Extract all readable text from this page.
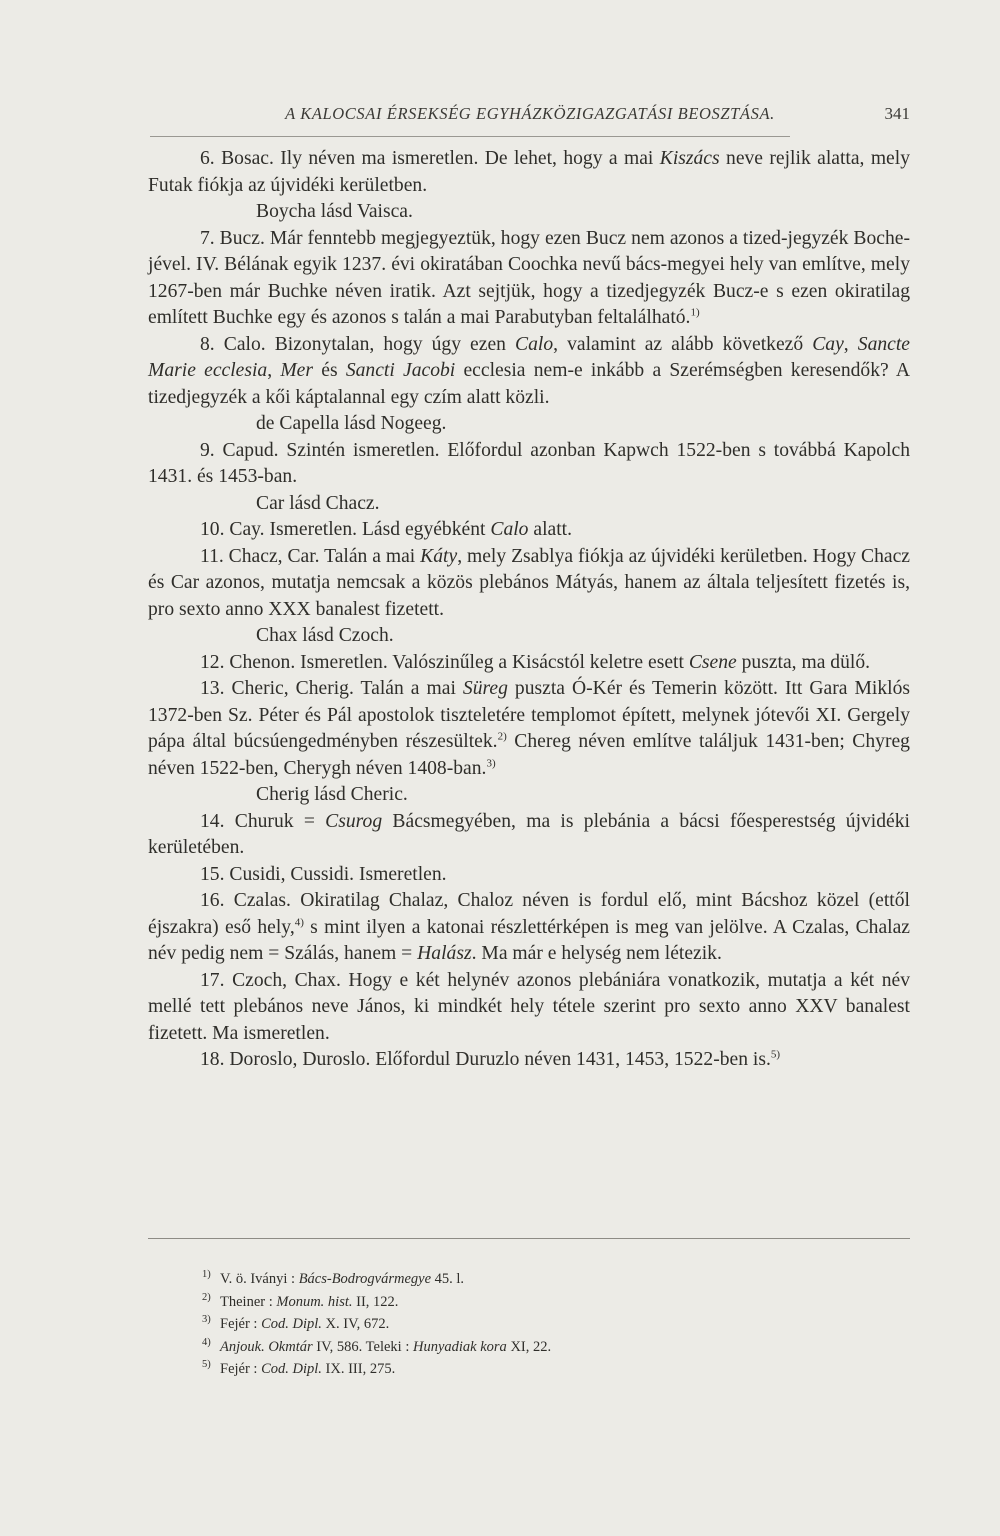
A KALOCSAI ÉRSEKSÉG EGYHÁZKÖZIGAZGATÁSI BEOSZTÁSA.	341

6. Bosac. Ily néven ma ismeretlen. De lehet, hogy a mai Kiszács neve rejlik alatta, mely Futak fiókja az újvidéki kerületben.

Boycha lásd Vaisca.

7. Bucz. Már fenntebb megjegyeztük, hogy ezen Bucz nem azonos a tized-jegyzék Boche-jével. IV. Bélának egyik 1237. évi okiratában Coochka nevű bács-megyei hely van említve, mely 1267-ben már Buchke néven iratik. Azt sejtjük, hogy a tizedjegyzék Bucz-e s ezen okiratilag említett Buchke egy és azonos s talán a mai Parabutyban feltalálható.$^{1)}$

8. Calo. Bizonytalan, hogy úgy ezen Calo, valamint az alább következő Cay, Sancte Marie ecclesia, Mer és Sancti Jacobi ecclesia nem-e inkább a Szerémségben keresendők? A tizedjegyzék a kői káptalannal egy czím alatt közli.

de Capella lásd Nogeeg.

9. Capud. Szintén ismeretlen. Előfordul azonban Kapwch 1522-ben s továbbá Kapolch 1431. és 1453-ban.

Car lásd Chacz.

10. Cay. Ismeretlen. Lásd egyébként Calo alatt.

11. Chacz, Car. Talán a mai Káty, mely Zsablya fiókja az újvidéki kerületben. Hogy Chacz és Car azonos, mutatja nemcsak a közös plebános Mátyás, hanem az általa teljesített fizetés is, pro sexto anno XXX banalest fizetett.

Chax lásd Czoch.

12. Chenon. Ismeretlen. Valószinűleg a Kisácstól keletre esett Csene puszta, ma dülő.

13. Cheric, Cherig. Talán a mai Süreg puszta Ó-Kér és Temerin között. Itt Gara Miklós 1372-ben Sz. Péter és Pál apostolok tiszteletére templomot épített, melynek jótevői XI. Gergely pápa által búcsúengedményben részesültek.$^{2)}$ Chereg néven említve találjuk 1431-ben; Chyreg néven 1522-ben, Cherygh néven 1408-ban.$^{3)}$

Cherig lásd Cheric.

14. Churuk = Csurog Bácsmegyében, ma is plebánia a bácsi főesperestség újvidéki kerületében.

15. Cusidi, Cussidi. Ismeretlen.

16. Czalas. Okiratilag Chalaz, Chaloz néven is fordul elő, mint Bácshoz közel (ettől éjszakra) eső hely,$^{4)}$ s mint ilyen a katonai részlettérképen is meg van jelölve. A Czalas, Chalaz név pedig nem = Szálás, hanem = Halász. Ma már e helység nem létezik.

17. Czoch, Chax. Hogy e két helynév azonos plebániára vonatkozik, mutatja a két név mellé tett plebános neve János, ki mindkét hely tétele szerint pro sexto anno XXV banalest fizetett. Ma ismeretlen.

18. Doroslo, Duroslo. Előfordul Duruzlo néven 1431, 1453, 1522-ben is.$^{5)}$

1) V. ö. Iványi : Bács-Bodrogvármegye 45. l.
2) Theiner : Monum. hist. II, 122.
3) Fejér : Cod. Dipl. X. IV, 672.
4) Anjouk. Okmtár IV, 586. Teleki : Hunyadiak kora XI, 22.
5) Fejér : Cod. Dipl. IX. III, 275.
